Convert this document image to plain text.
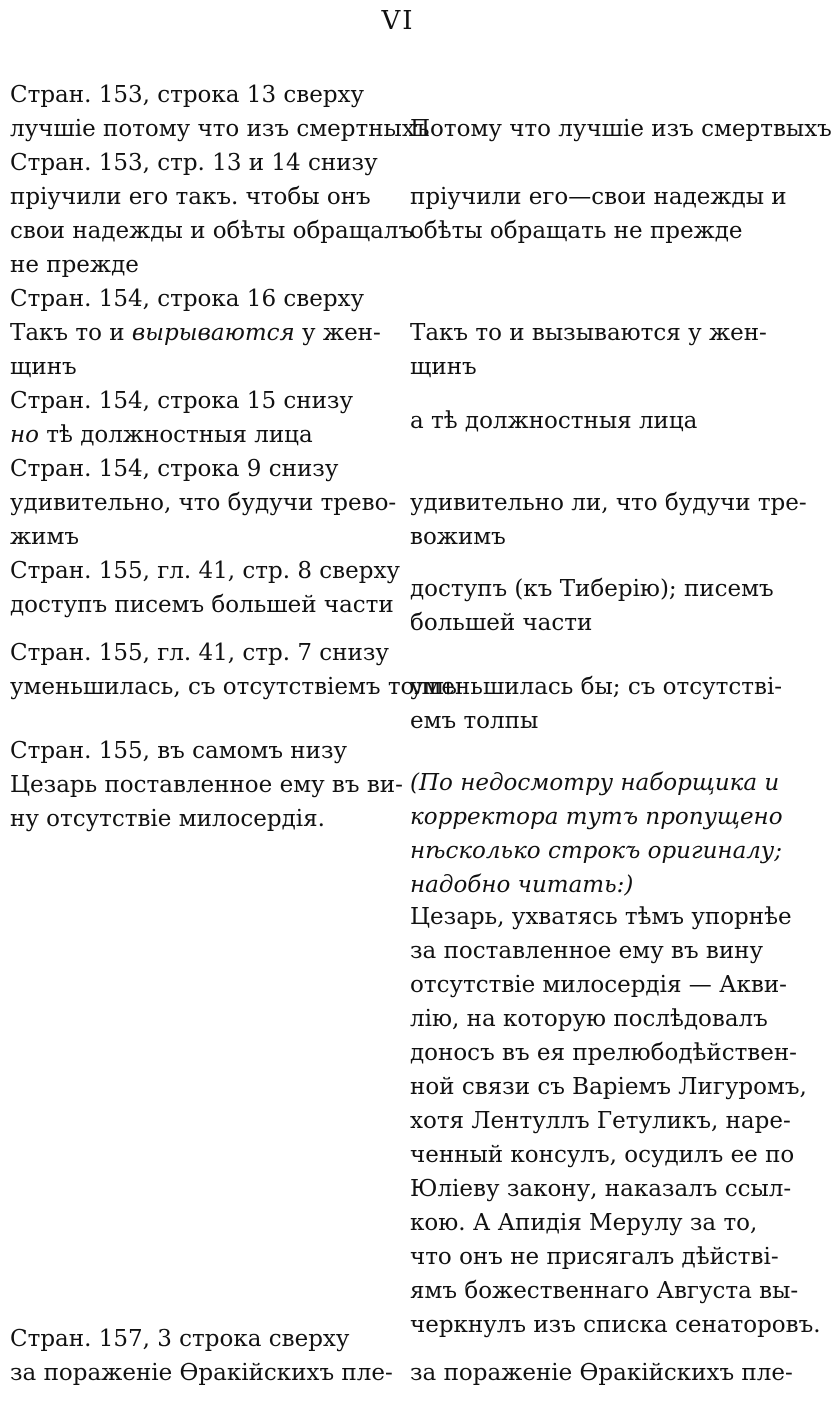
VI
Стран. 153, строка 13 сверху
лучшіе потому что изъ смертныхъ
Стран. 153, стр. 13 и 14 снизу
пріучили его такъ. чтобы онъ
свои надежды и обѣты обращалъ
не прежде
Стран. 154, строка 16 сверху
Такъ то и вырываются у жен-
щинъ
Стран. 154, строка 15 снизу
но тѣ должностныя лица
Стран. 154, строка 9 снизу
удивительно, что будучи трево-
жимъ
Стран. 155, гл. 41, стр. 8 сверху
доступъ писемъ большей части
Стран. 155, гл. 41, стр. 7 снизу
уменьшилась, съ отсутствіемъ толпы
Стран. 155, въ самомъ низу
Цезарь поставленное ему въ ви-
ну отсутствіе милосердія.
Стран. 157, 3 строка сверху
за пораженіе Ѳракійскихъ пле-
Потому что лучшіе изъ смертвыхъ
пріучили его—свои надежды и
обѣты обращать не прежде
Такъ то и вызываются у жен-
щинъ
а тѣ должностныя лица
удивительно ли, что будучи тре-
вожимъ
доступъ (къ Тиберію); писемъ
большей части
уменьшилась бы; съ отсутстві-
емъ толпы
(По недосмотру наборщика и
корректора тутъ пропущено
нѣсколько строкъ оригиналу;
надобно читать:)
Цезарь, ухватясь тѣмъ упорнѣе
за поставленное ему въ вину
отсутствіе милосердія — Акви-
лію, на которую послѣдовалъ
доносъ въ ея прелюбодѣйствен-
ной связи съ Варіемъ Лигуромъ,
хотя Лентуллъ Гетуликъ, наре-
ченный консулъ, осудилъ ее по
Юліеву закону, наказалъ ссыл-
кою. А Апидія Мерулу за то,
что онъ не присягалъ дѣйстві-
ямъ божественнаго Августа вы-
черкнулъ изъ списка сенаторовъ.
за пораженіе Ѳракійскихъ пле-
